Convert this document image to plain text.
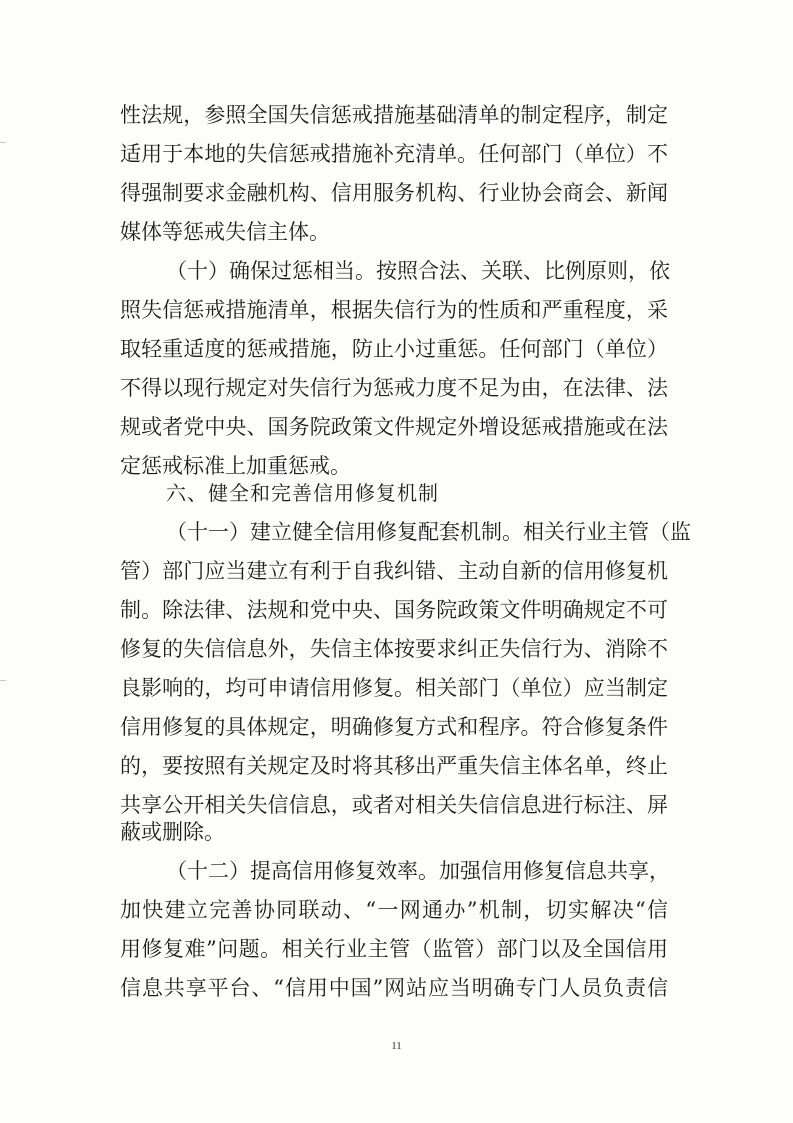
性法规，参照全国失信惩戒措施基础清单的制定程序，制定
适用于本地的失信惩戒措施补充清单。任何部门（单位）不
得强制要求金融机构、信用服务机构、行业协会商会、新闻
媒体等惩戒失信主体。
（十）确保过惩相当。按照合法、关联、比例原则，依
照失信惩戒措施清单，根据失信行为的性质和严重程度，采
取轻重适度的惩戒措施，防止小过重惩。任何部门（单位）
不得以现行规定对失信行为惩戒力度不足为由，在法律、法
规或者党中央、国务院政策文件规定外增设惩戒措施或在法
定惩戒标准上加重惩戒。
六、健全和完善信用修复机制
（十一）建立健全信用修复配套机制。相关行业主管（监
管）部门应当建立有利于自我纠错、主动自新的信用修复机
制。除法律、法规和党中央、国务院政策文件明确规定不可
修复的失信信息外，失信主体按要求纠正失信行为、消除不
良影响的，均可申请信用修复。相关部门（单位）应当制定
信用修复的具体规定，明确修复方式和程序。符合修复条件
的，要按照有关规定及时将其移出严重失信主体名单，终止
共享公开相关失信信息，或者对相关失信信息进行标注、屏
蔽或删除。
（十二）提高信用修复效率。加强信用修复信息共享，
加快建立完善协同联动、“一网通办”机制，切实解决“信
用修复难”问题。相关行业主管（监管）部门以及全国信用
信息共享平台、“信用中国”网站应当明确专门人员负责信
11
